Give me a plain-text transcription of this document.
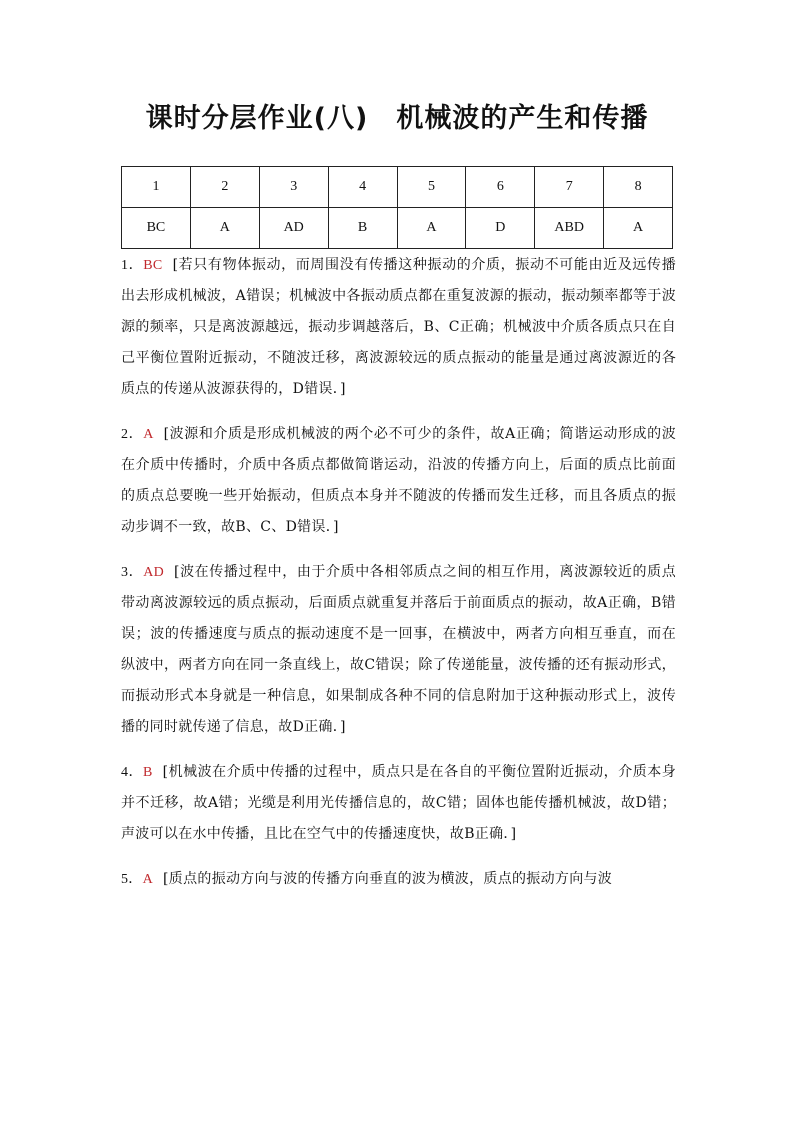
课时分层作业(八)　机械波的产生和传播
1	2	3	4	5	6	7	8
BC	A	AD	B	A	D	ABD	A

1．BC [若只有物体振动，而周围没有传播这种振动的介质，振动不可能由近及远传播出去形成机械波，A错误；机械波中各振动质点都在重复波源的振动，振动频率都等于波源的频率，只是离波源越远，振动步调越落后，B、C正确；机械波中介质各质点只在自己平衡位置附近振动，不随波迁移，离波源较远的质点振动的能量是通过离波源近的各质点的传递从波源获得的，D错误．]

2．A [波源和介质是形成机械波的两个必不可少的条件，故A正确；简谐运动形成的波在介质中传播时，介质中各质点都做简谐运动，沿波的传播方向上，后面的质点比前面的质点总要晚一些开始振动，但质点本身并不随波的传播而发生迁移，而且各质点的振动步调不一致，故B、C、D错误．]

3．AD [波在传播过程中，由于介质中各相邻质点之间的相互作用，离波源较近的质点带动离波源较远的质点振动，后面质点就重复并落后于前面质点的振动，故A正确，B错误；波的传播速度与质点的振动速度不是一回事，在横波中，两者方向相互垂直，而在纵波中，两者方向在同一条直线上，故C错误；除了传递能量，波传播的还有振动形式，而振动形式本身就是一种信息，如果制成各种不同的信息附加于这种振动形式上，波传播的同时就传递了信息，故D正确．]

4．B [机械波在介质中传播的过程中，质点只是在各自的平衡位置附近振动，介质本身并不迁移，故A错；光缆是利用光传播信息的，故C错；固体也能传播机械波，故D错；声波可以在水中传播，且比在空气中的传播速度快，故B正确．]

5．A [质点的振动方向与波的传播方向垂直的波为横波，质点的振动方向与波
